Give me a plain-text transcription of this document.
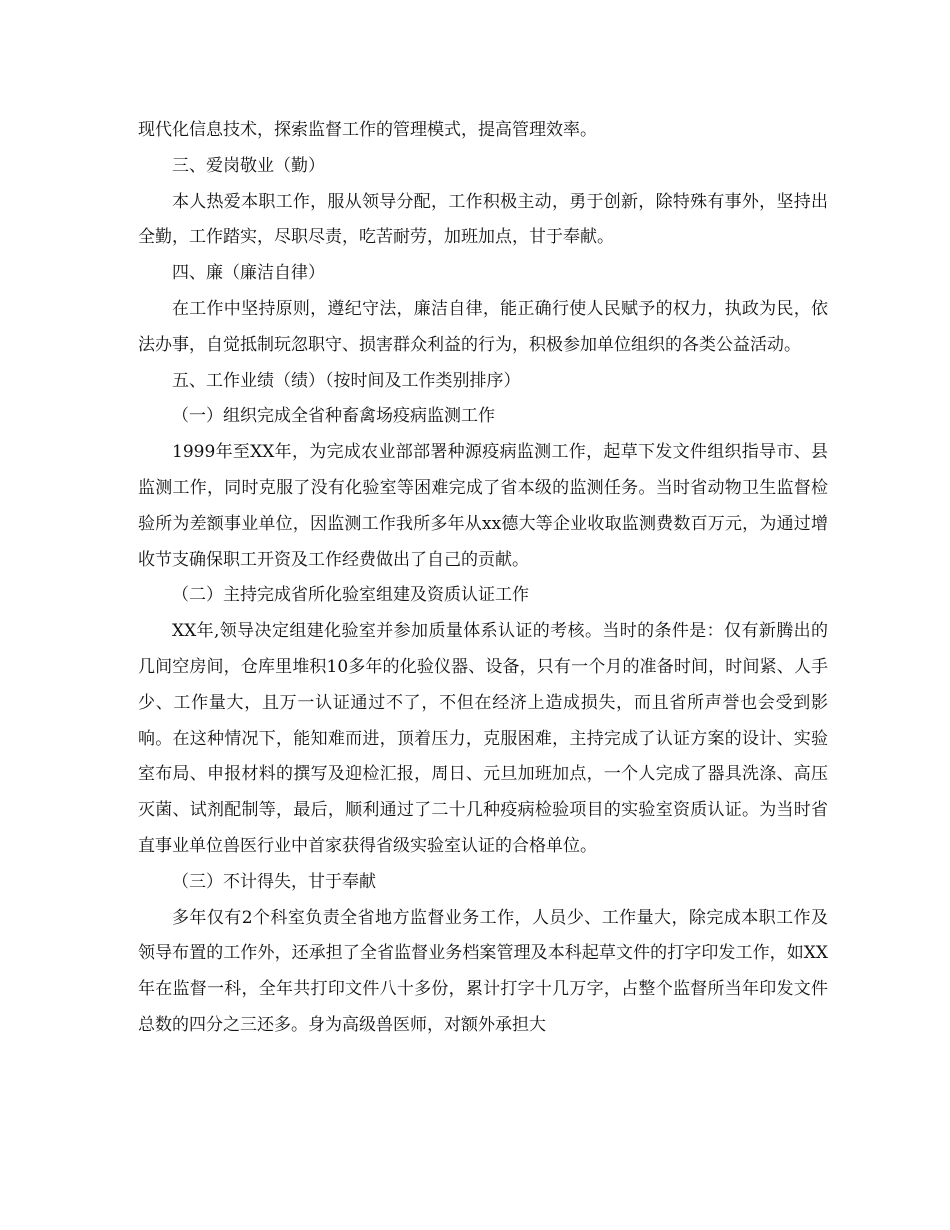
现代化信息技术，探索监督工作的管理模式，提高管理效率。

三、爱岗敬业（勤）

本人热爱本职工作，服从领导分配，工作积极主动，勇于创新，除特殊有事外，坚持出全勤，工作踏实，尽职尽责，吃苦耐劳，加班加点，甘于奉献。

四、廉（廉洁自律）

在工作中坚持原则，遵纪守法，廉洁自律，能正确行使人民赋予的权力，执政为民，依法办事，自觉抵制玩忽职守、损害群众利益的行为，积极参加单位组织的各类公益活动。

五、工作业绩（绩）（按时间及工作类别排序）

（一）组织完成全省种畜禽场疫病监测工作

1999年至XX年，为完成农业部部署种源疫病监测工作，起草下发文件组织指导市、县监测工作，同时克服了没有化验室等困难完成了省本级的监测任务。当时省动物卫生监督检验所为差额事业单位，因监测工作我所多年从xx德大等企业收取监测费数百万元，为通过增收节支确保职工开资及工作经费做出了自己的贡献。

（二）主持完成省所化验室组建及资质认证工作

XX年,领导决定组建化验室并参加质量体系认证的考核。当时的条件是：仅有新腾出的几间空房间，仓库里堆积10多年的化验仪器、设备，只有一个月的准备时间，时间紧、人手少、工作量大，且万一认证通过不了，不但在经济上造成损失，而且省所声誉也会受到影响。在这种情况下，能知难而进，顶着压力，克服困难，主持完成了认证方案的设计、实验室布局、申报材料的撰写及迎检汇报，周日、元旦加班加点，一个人完成了器具洗涤、高压灭菌、试剂配制等，最后，顺利通过了二十几种疫病检验项目的实验室资质认证。为当时省直事业单位兽医行业中首家获得省级实验室认证的合格单位。

（三）不计得失，甘于奉献

多年仅有2个科室负责全省地方监督业务工作，人员少、工作量大，除完成本职工作及领导布置的工作外，还承担了全省监督业务档案管理及本科起草文件的打字印发工作，如XX年在监督一科，全年共打印文件八十多份，累计打字十几万字，占整个监督所当年印发文件总数的四分之三还多。身为高级兽医师，对额外承担大
